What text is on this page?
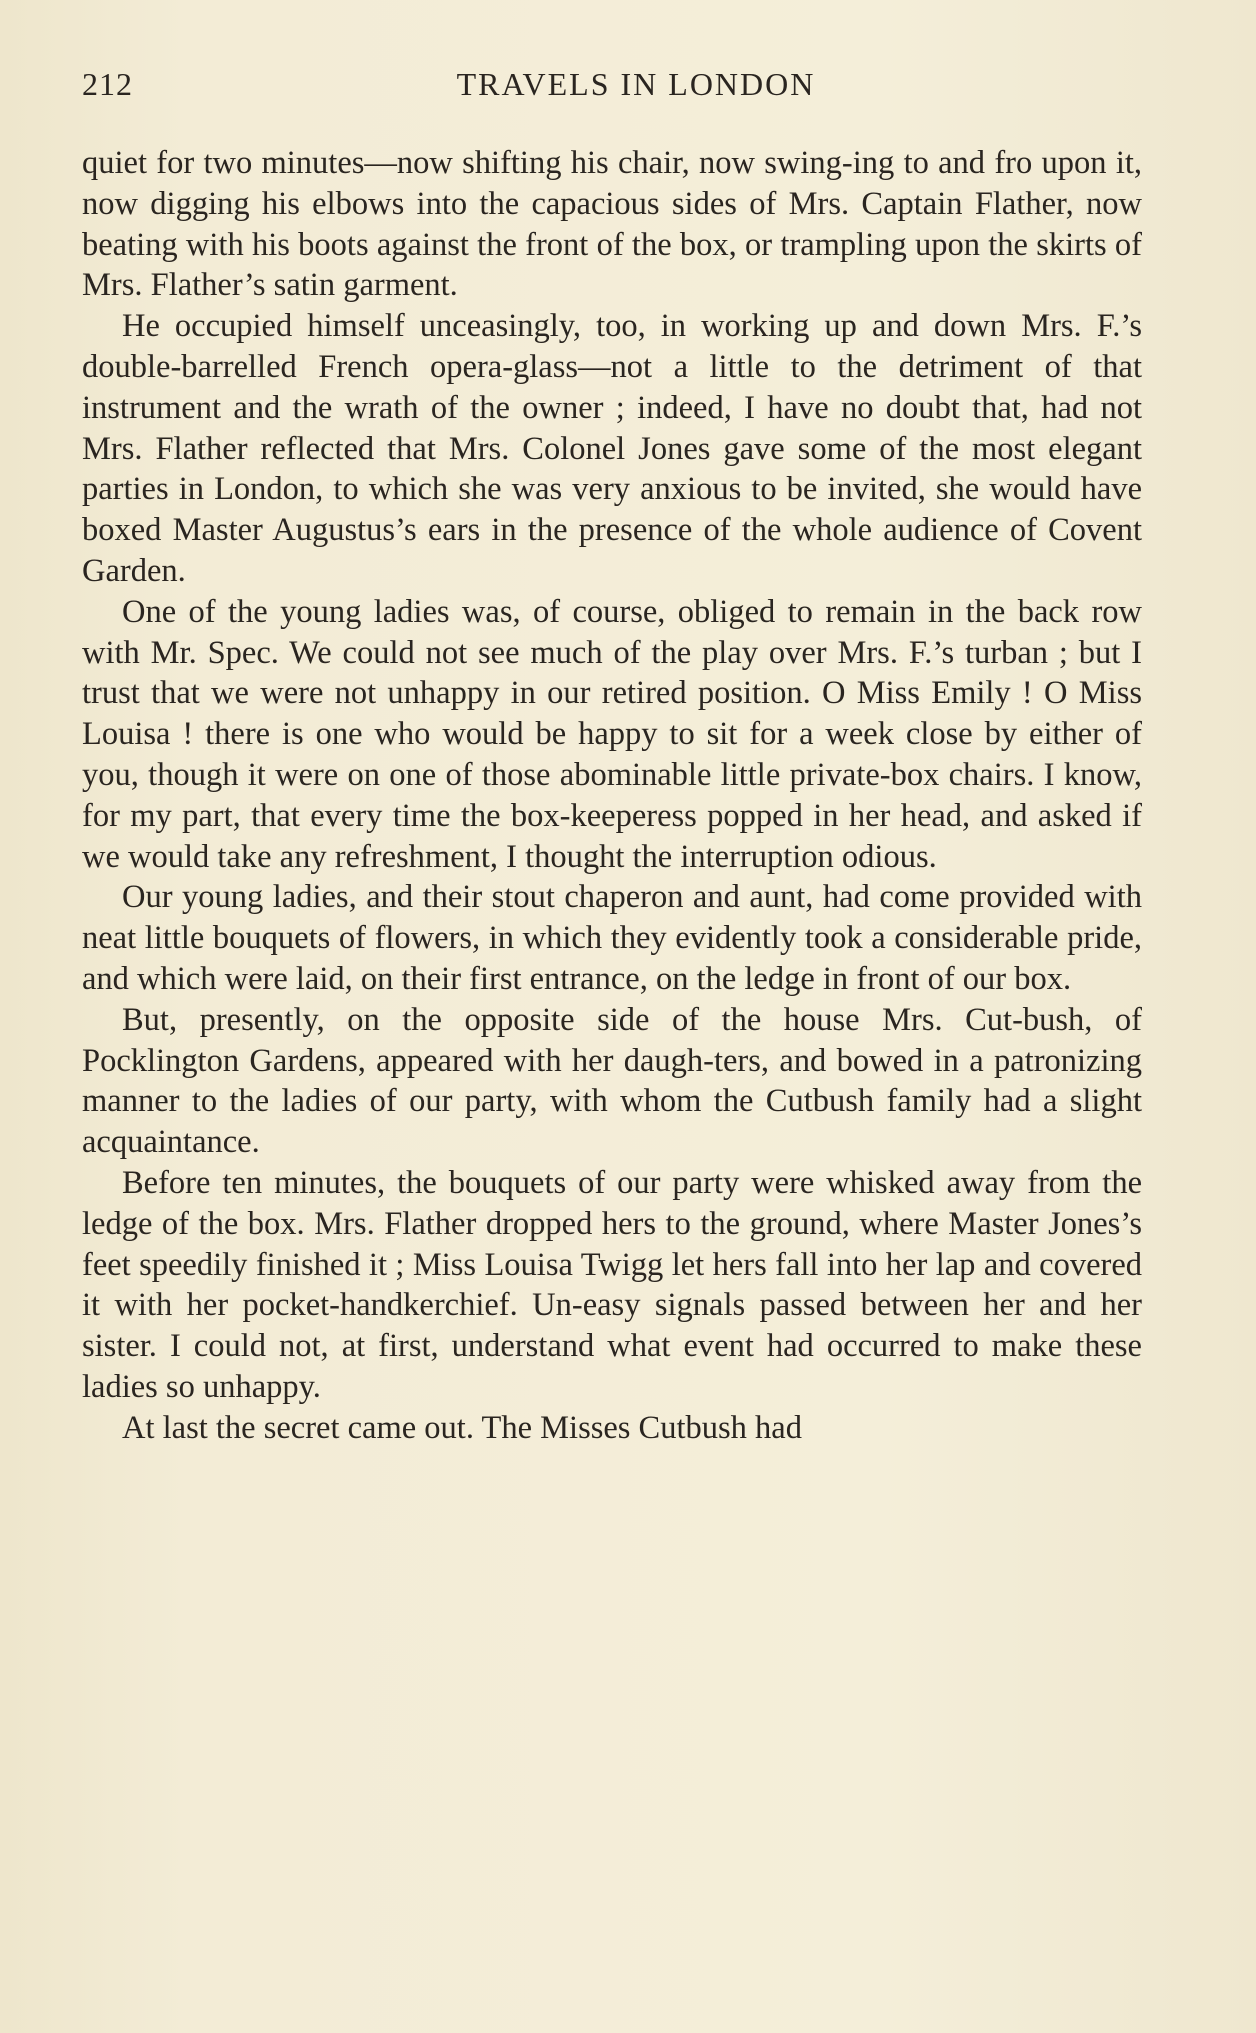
212	TRAVELS IN LONDON

quiet for two minutes—now shifting his chair, now swing-ing to and fro upon it, now digging his elbows into the capacious sides of Mrs. Captain Flather, now beating with his boots against the front of the box, or trampling upon the skirts of Mrs. Flather’s satin garment.

He occupied himself unceasingly, too, in working up and down Mrs. F.’s double-barrelled French opera-glass—not a little to the detriment of that instrument and the wrath of the owner ; indeed, I have no doubt that, had not Mrs. Flather reflected that Mrs. Colonel Jones gave some of the most elegant parties in London, to which she was very anxious to be invited, she would have boxed Master Augustus’s ears in the presence of the whole audience of Covent Garden.

One of the young ladies was, of course, obliged to remain in the back row with Mr. Spec. We could not see much of the play over Mrs. F.’s turban ; but I trust that we were not unhappy in our retired position. O Miss Emily ! O Miss Louisa ! there is one who would be happy to sit for a week close by either of you, though it were on one of those abominable little private-box chairs. I know, for my part, that every time the box-keeperess popped in her head, and asked if we would take any refreshment, I thought the interruption odious.

Our young ladies, and their stout chaperon and aunt, had come provided with neat little bouquets of flowers, in which they evidently took a considerable pride, and which were laid, on their first entrance, on the ledge in front of our box.

But, presently, on the opposite side of the house Mrs. Cut-bush, of Pocklington Gardens, appeared with her daugh-ters, and bowed in a patronizing manner to the ladies of our party, with whom the Cutbush family had a slight acquaintance.

Before ten minutes, the bouquets of our party were whisked away from the ledge of the box. Mrs. Flather dropped hers to the ground, where Master Jones’s feet speedily finished it ; Miss Louisa Twigg let hers fall into her lap and covered it with her pocket-handkerchief. Un-easy signals passed between her and her sister. I could not, at first, understand what event had occurred to make these ladies so unhappy.

At last the secret came out. The Misses Cutbush had
